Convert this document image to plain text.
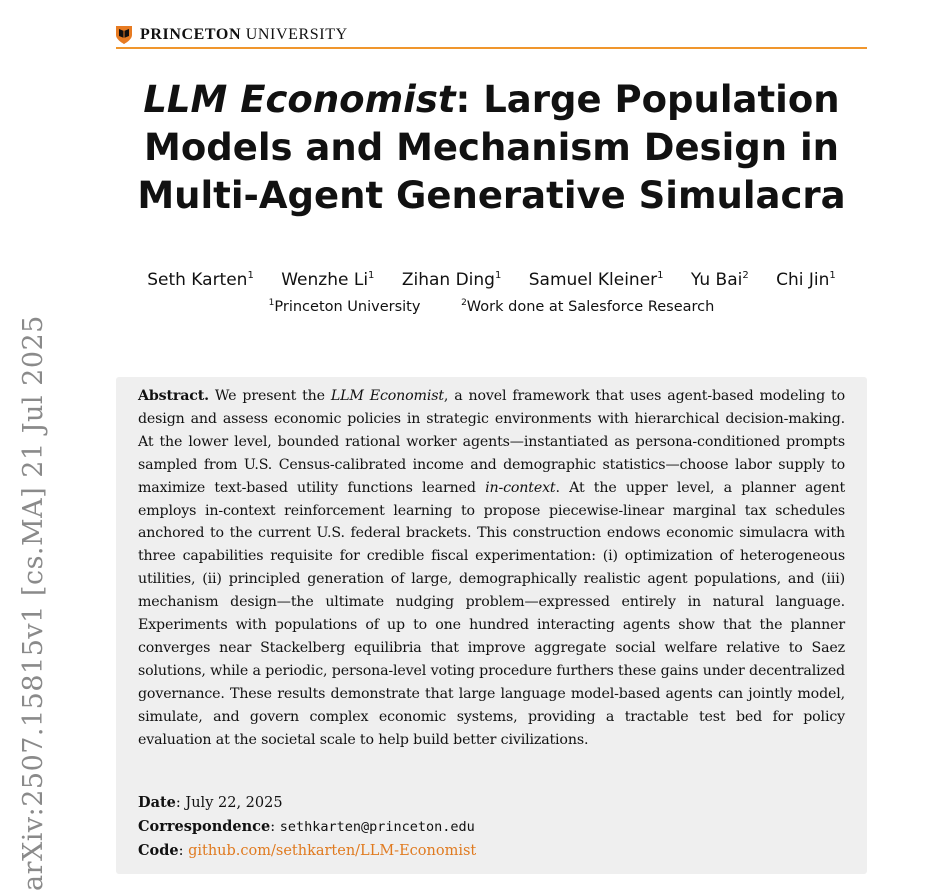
PRINCETON UNIVERSITY
LLM Economist: Large Population
Models and Mechanism Design in
Multi-Agent Generative Simulacra
Seth Karten$^1$ Wenzhe Li$^1$ Zihan Ding$^1$ Samuel Kleiner$^1$ Yu Bai$^2$ Chi Jin$^1$
$^1$Princeton University	$^2$Work done at Salesforce Research
arXiv:2507.15815v1 [cs.MA] 21 Jul 2025	Abstract. We present the LLM Economist, a novel framework that uses agent-based modeling to design and assess economic policies in strategic environments with hierarchical decision-making. At the lower level, bounded rational worker agents—instantiated as persona-conditioned prompts sampled from U.S. Census-calibrated income and demographic statistics—choose labor supply to maximize text-based utility functions learned in-context. At the upper level, a planner agent employs in-context reinforcement learning to propose piecewise-linear marginal tax schedules anchored to the current U.S. federal brackets. This construction endows economic simulacra with three capabilities requisite for credible fiscal experimentation: (i) optimization of heterogeneous utilities, (ii) principled generation of large, demographically realistic agent populations, and (iii) mechanism design—the ultimate nudging problem—expressed entirely in natural language. Experiments with populations of up to one hundred interacting agents show that the planner converges near Stackelberg equilibria that improve aggregate social welfare relative to Saez solutions, while a periodic, persona-level voting procedure furthers these gains under decentralized governance. These results demonstrate that large language model-based agents can jointly model, simulate, and govern complex economic systems, providing a tractable test bed for policy evaluation at the societal scale to help build better civilizations.

Date: July 22, 2025
Correspondence: sethkarten@princeton.edu
Code: github.com/sethkarten/LLM-Economist
